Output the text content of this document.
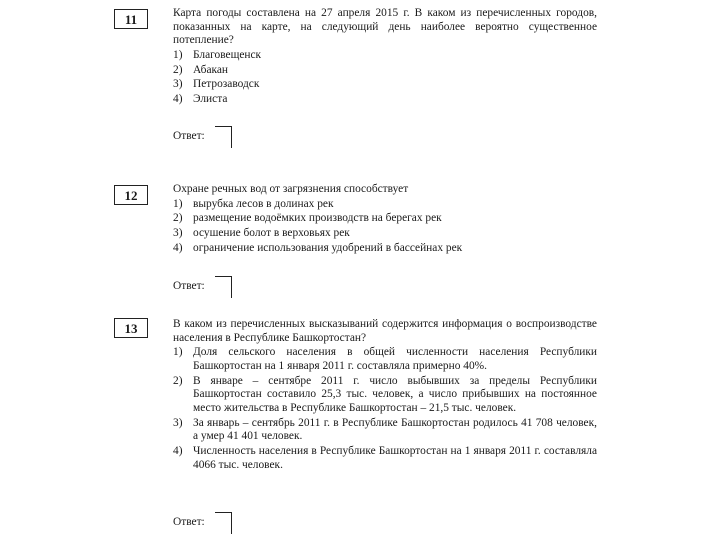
11	Карта погоды составлена на 27 апреля 2015 г. В каком из перечисленных городов, показанных на карте, на следующий день наиболее вероятно существенное потепление?

1) Благовещенск
2) Абакан
3) Петрозаводск
4) Элиста
Ответ:
12	Охране речных вод от загрязнения способствует

1) вырубка лесов в долинах рек
2) размещение водоёмких производств на берегах рек
3) осушение болот в верховьях рек
4) ограничение использования удобрений в бассейнах рек
Ответ:
13	В каком из перечисленных высказываний содержится информация о воспроизводстве населения в Республике Башкортостан?

1) Доля сельского населения в общей численности населения Республики Башкортостан на 1 января 2011 г. составляла примерно 40%.
2) В январе – сентябре 2011 г. число выбывших за пределы Республики Башкортостан составило 25,3 тыс. человек, а число прибывших на постоянное место жительства в Республике Башкортостан – 21,5 тыс. человек.
3) За январь – сентябрь 2011 г. в Республике Башкортостан родилось 41 708 человек, а умер 41 401 человек.
4) Численность населения в Республике Башкортостан на 1 января 2011 г. составляла 4066 тыс. человек.
Ответ:
